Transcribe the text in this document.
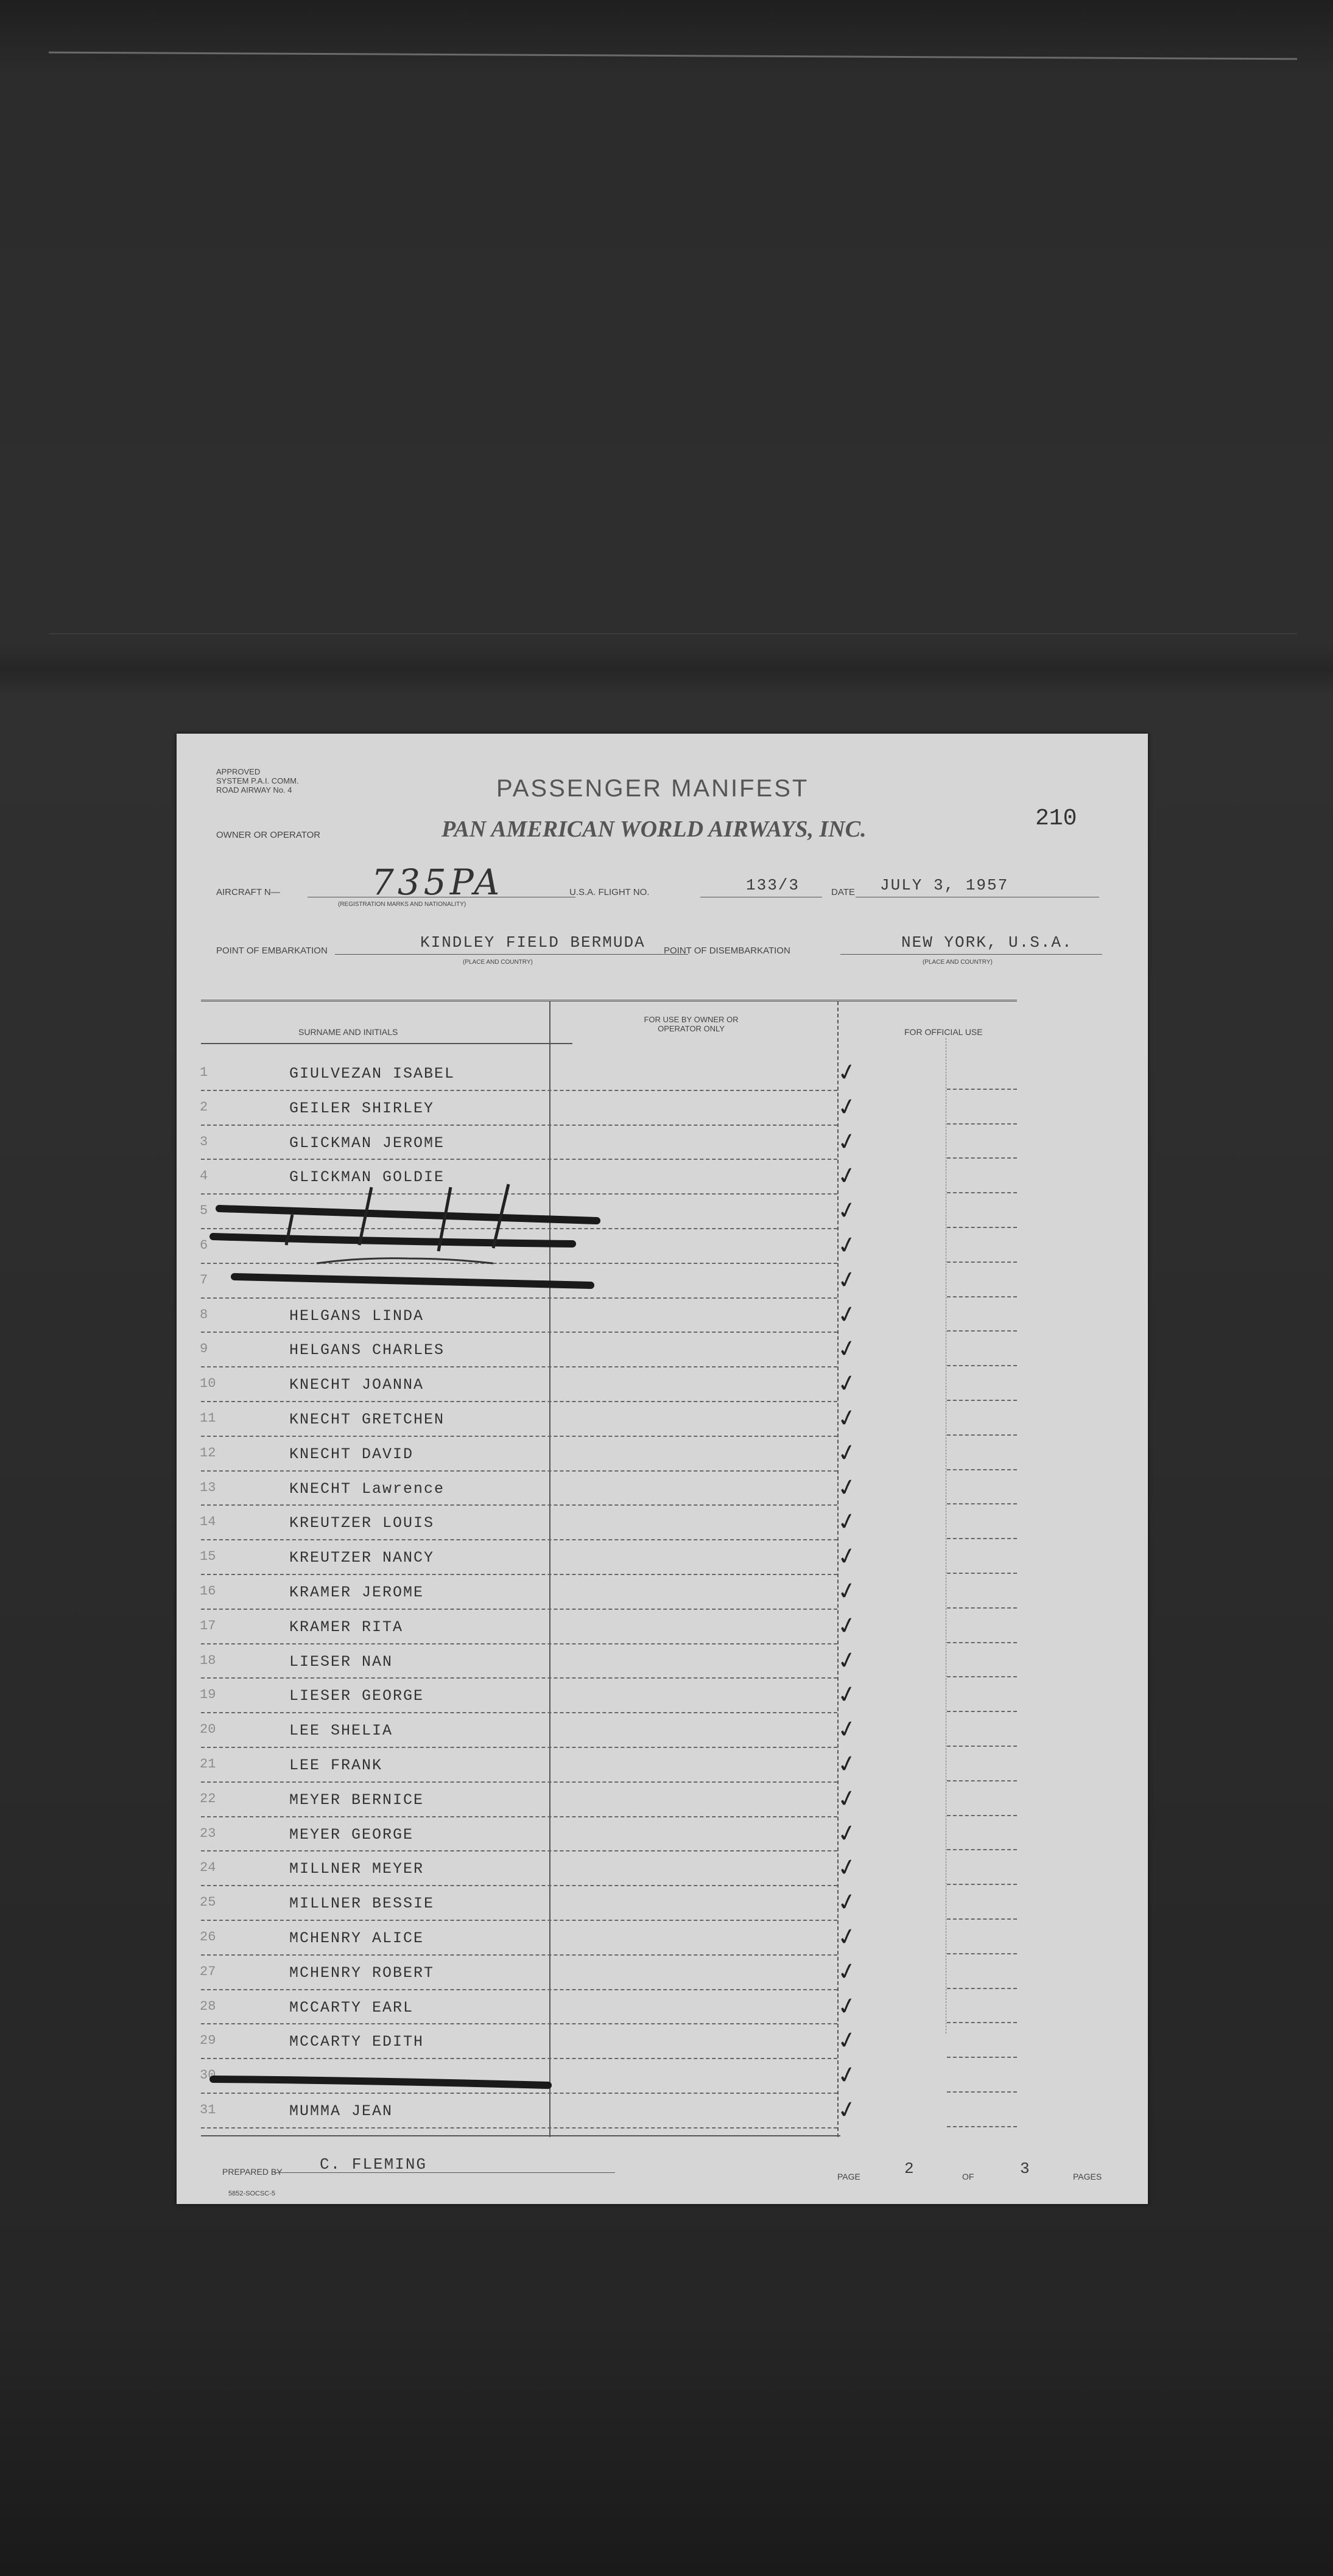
APPROVED
SYSTEM P.A.I. COMM.
ROAD AIRWAY No. 4	PASSENGER MANIFEST
OWNER OR OPERATOR	PAN AMERICAN WORLD AIRWAYS, INC.	210
AIRCRAFT N—	735PA
(REGISTRATION MARKS AND NATIONALITY)
U.S.A. FLIGHT NO.	133/3	DATE JULY 3, 1957
POINT OF EMBARKATION	KINDLEY FIELD BERMUDA
(PLACE AND COUNTRY)
POINT OF DISEMBARKATION	NEW YORK, U.S.A.
(PLACE AND COUNTRY)
SURNAME AND INITIALS
FOR USE BY OWNER OR OPERATOR ONLY	FOR OFFICIAL USE
1	GIULVEZAN ISABEL	✓
2	GEILER SHIRLEY	✓
3	GLICKMAN JEROME	✓
4	GLICKMAN GOLDIE	✓
5	✓
6	✓
7	✓
8	HELGANS LINDA	✓
9	HELGANS CHARLES	✓
10	KNECHT JOANNA	✓
11	KNECHT GRETCHEN	✓
12	KNECHT DAVID	✓
13	KNECHT Lawrence	✓
14	KREUTZER LOUIS	✓
15	KREUTZER NANCY	✓
16	KRAMER JEROME	✓
17	KRAMER RITA	✓
18	LIESER NAN	✓
19	LIESER GEORGE	✓
20	LEE SHELIA	✓
21	LEE FRANK	✓
22	MEYER BERNICE	✓
23	MEYER GEORGE	✓
24	MILLNER MEYER	✓
25	MILLNER BESSIE	✓
26	MCHENRY ALICE	✓
27	MCHENRY ROBERT	✓
28	MCCARTY EARL	✓
29	MCCARTY EDITH	✓
30	✓
31	MUMMA JEAN	✓
PREPARED BY C. FLEMING
PAGE	2	OF	3	PAGES
5852-SOCSC-5
